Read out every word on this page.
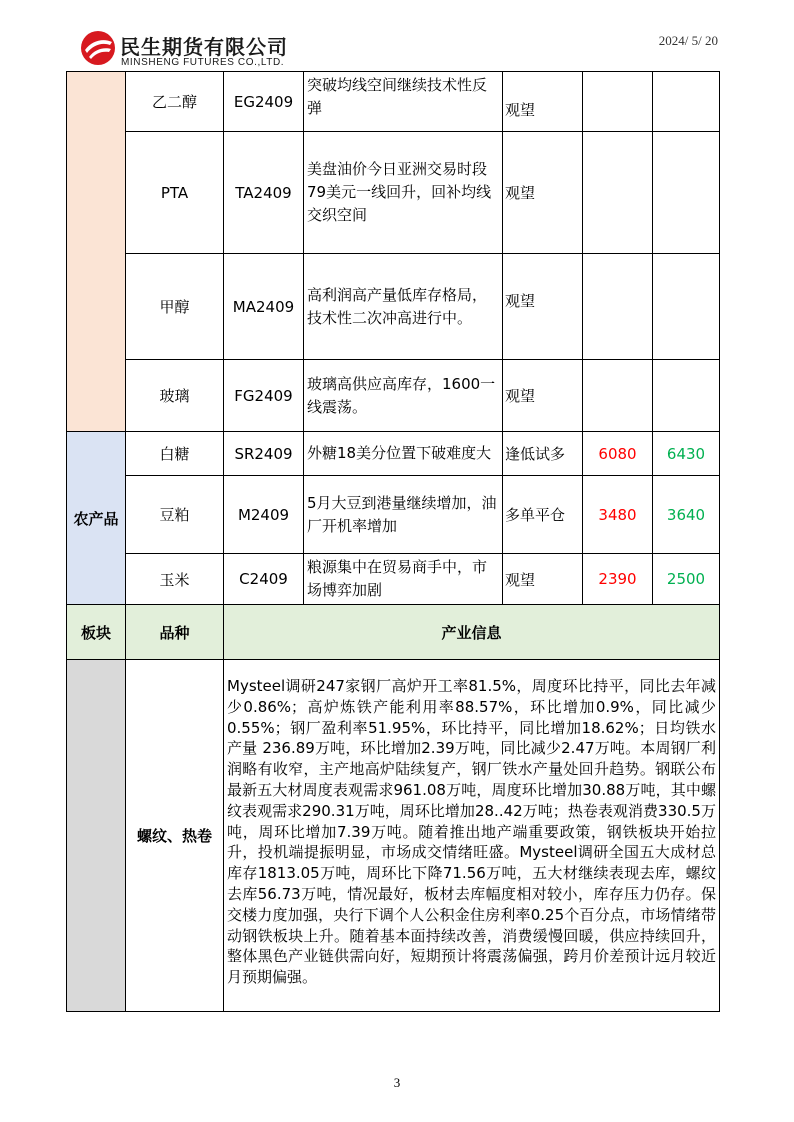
民生期货有限公司
MINSHENG FUTURES CO.,LTD.
2024/ 5/ 20
	乙二醇	EG2409	突破均线空间继续技术性反弹	观望		
	PTA	TA2409	美盘油价今日亚洲交易时段79美元一线回升，回补均线交织空间	观望		
	甲醇	MA2409	高利润高产量低库存格局，技术性二次冲高进行中。	观望		
	玻璃	FG2409	玻璃高供应高库存，1600一线震荡。	观望		
农产品	白糖	SR2409	外糖18美分位置下破难度大	逢低试多	6080	6430
	豆粕	M2409	5月大豆到港量继续增加，油厂开机率增加	多单平仓	3480	3640
	玉米	C2409	粮源集中在贸易商手中，市场博弈加剧	观望	2390	2500
板块	品种	产业信息				
	螺纹、热卷	Mysteel调研247家钢厂高炉开工率81.5%，周度环比持平，同比去年减少0.86%；高炉炼铁产能利用率88.57%，环比增加0.9%，同比减少0.55%；钢厂盈利率51.95%，环比持平，同比增加18.62%；日均铁水产量 236.89万吨，环比增加2.39万吨，同比减少2.47万吨。本周钢厂利润略有收窄，主产地高炉陆续复产，钢厂铁水产量处回升趋势。钢联公布最新五大材周度表观需求961.08万吨，周度环比增加30.88万吨，其中螺纹表观需求290.31万吨，周环比增加28..42万吨；热卷表观消费330.5万吨，周环比增加7.39万吨。随着推出地产端重要政策，钢铁板块开始拉升，投机端提振明显，市场成交情绪旺盛。Mysteel调研全国五大成材总库存1813.05万吨，周环比下降71.56万吨，五大材继续表现去库，螺纹去库56.73万吨，情况最好，板材去库幅度相对较小，库存压力仍存。保交楼力度加强，央行下调个人公积金住房利率0.25个百分点，市场情绪带动钢铁板块上升。随着基本面持续改善，消费缓慢回暖，供应持续回升，整体黑色产业链供需向好，短期预计将震荡偏强，跨月价差预计远月较近月预期偏强。				
3
